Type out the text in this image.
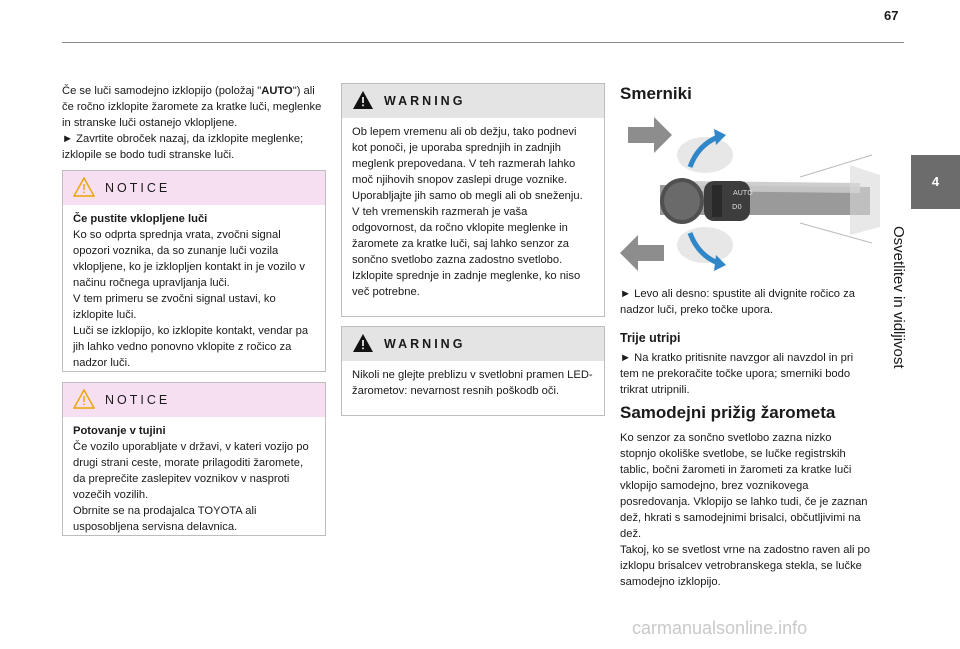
67
4
Osvetlitev in vidljivost

Če se luči samodejno izklopijo (položaj "AUTO") ali če ročno izklopite žaromete za kratke luči, meglenke in stranske luči ostanejo vklopljene.

► Zavrtite obroček nazaj, da izklopite meglenke; izklopile se bodo tudi stranske luči.

NOTICE

Če pustite vklopljene luči

Ko so odprta sprednja vrata, zvočni signal opozori voznika, da so zunanje luči vozila vklopljene, ko je izklopljen kontakt in je vozilo v načinu ročnega upravljanja luči.

V tem primeru se zvočni signal ustavi, ko izklopite luči.

Luči se izklopijo, ko izklopite kontakt, vendar pa jih lahko vedno ponovno vklopite z ročico za nadzor luči.

NOTICE

Potovanje v tujini

Če vozilo uporabljate v državi, v kateri vozijo po drugi strani ceste, morate prilagoditi žaromete, da preprečite zaslepitev voznikov v nasproti vozečih vozilih.

Obrnite se na prodajalca TOYOTA ali usposobljena servisna delavnica.

WARNING

Ob lepem vremenu ali ob dežju, tako podnevi kot ponoči, je uporaba sprednjih in zadnjih meglenk prepovedana. V teh razmerah lahko moč njihovih snopov zaslepi druge voznike. Uporabljajte jih samo ob megli ali ob sneženju.

V teh vremenskih razmerah je vaša odgovornost, da ročno vklopite meglenke in žaromete za kratke luči, saj lahko senzor za sončno svetlobo zazna zadostno svetlobo. Izklopite sprednje in zadnje meglenke, ko niso več potrebne.

WARNING

Nikoli ne glejte preblizu v svetlobni pramen LED-žarometov: nevarnost resnih poškodb oči.

Smerniki
AUTO
D0

► Levo ali desno: spustite ali dvignite ročico za nadzor luči, preko točke upora.

Trije utripi

► Na kratko pritisnite navzgor ali navzdol in pri tem ne prekoračite točke upora; smerniki bodo trikrat utripnili.

Samodejni prižig žarometa

Ko senzor za sončno svetlobo zazna nizko stopnjo okoliške svetlobe, se lučke registrskih tablic, bočni žarometi in žarometi za kratke luči vklopijo samodejno, brez voznikovega posredovanja. Vklopijo se lahko tudi, če je zaznan dež, hkrati s samodejnimi brisalci, občutljivimi na dež.

Takoj, ko se svetlost vrne na zadostno raven ali po izklopu brisalcev vetrobranskega stekla, se lučke samodejno izklopijo.

carmanualsonline.info
